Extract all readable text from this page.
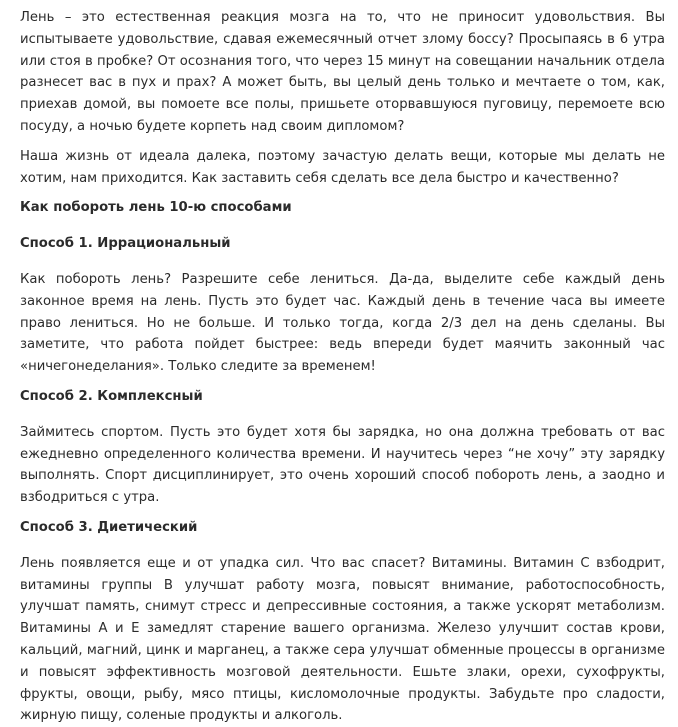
Лень – это естественная реакция мозга на то, что не приносит удовольствия. Вы испытываете удовольствие, сдавая ежемесячный отчет злому боссу? Просыпаясь в 6 утра или стоя в пробке? От осознания того, что через 15 минут на совещании начальник отдела разнесет вас в пух и прах? А может быть, вы целый день только и мечтаете о том, как, приехав домой, вы помоете все полы, пришьете оторвавшуюся пуговицу, перемоете всю посуду, а ночью будете корпеть над своим дипломом?

Наша жизнь от идеала далека, поэтому зачастую делать вещи, которые мы делать не хотим, нам приходится. Как заставить себя сделать все дела быстро и качественно?

Как побороть лень 10-ю способами
Способ 1. Иррациональный

Как побороть лень? Разрешите себе лениться. Да-да, выделите себе каждый день законное время на лень. Пусть это будет час. Каждый день в течение часа вы имеете право лениться. Но не больше. И только тогда, когда 2/3 дел на день сделаны. Вы заметите, что работа пойдет быстрее: ведь впереди будет маячить законный час «ничегонеделания». Только следите за временем!

Способ 2. Комплексный

Займитесь спортом. Пусть это будет хотя бы зарядка, но она должна требовать от вас ежедневно определенного количества времени. И научитесь через “не хочу” эту зарядку выполнять. Спорт дисциплинирует, это очень хороший способ побороть лень, а заодно и взбодриться с утра.

Способ 3. Диетический

Лень появляется еще и от упадка сил. Что вас спасет? Витамины. Витамин С взбодрит, витамины группы В улучшат работу мозга, повысят внимание, работоспособность, улучшат память, снимут стресс и депрессивные состояния, а также ускорят метаболизм. Витамины А и Е замедлят старение вашего организма. Железо улучшит состав крови, кальций, магний, цинк и марганец, а также сера улучшат обменные процессы в организме и повысят эффективность мозговой деятельности. Ешьте злаки, орехи, сухофрукты, фрукты, овощи, рыбу, мясо птицы, кисломолочные продукты. Забудьте про сладости, жирную пищу, соленые продукты и алкоголь.
